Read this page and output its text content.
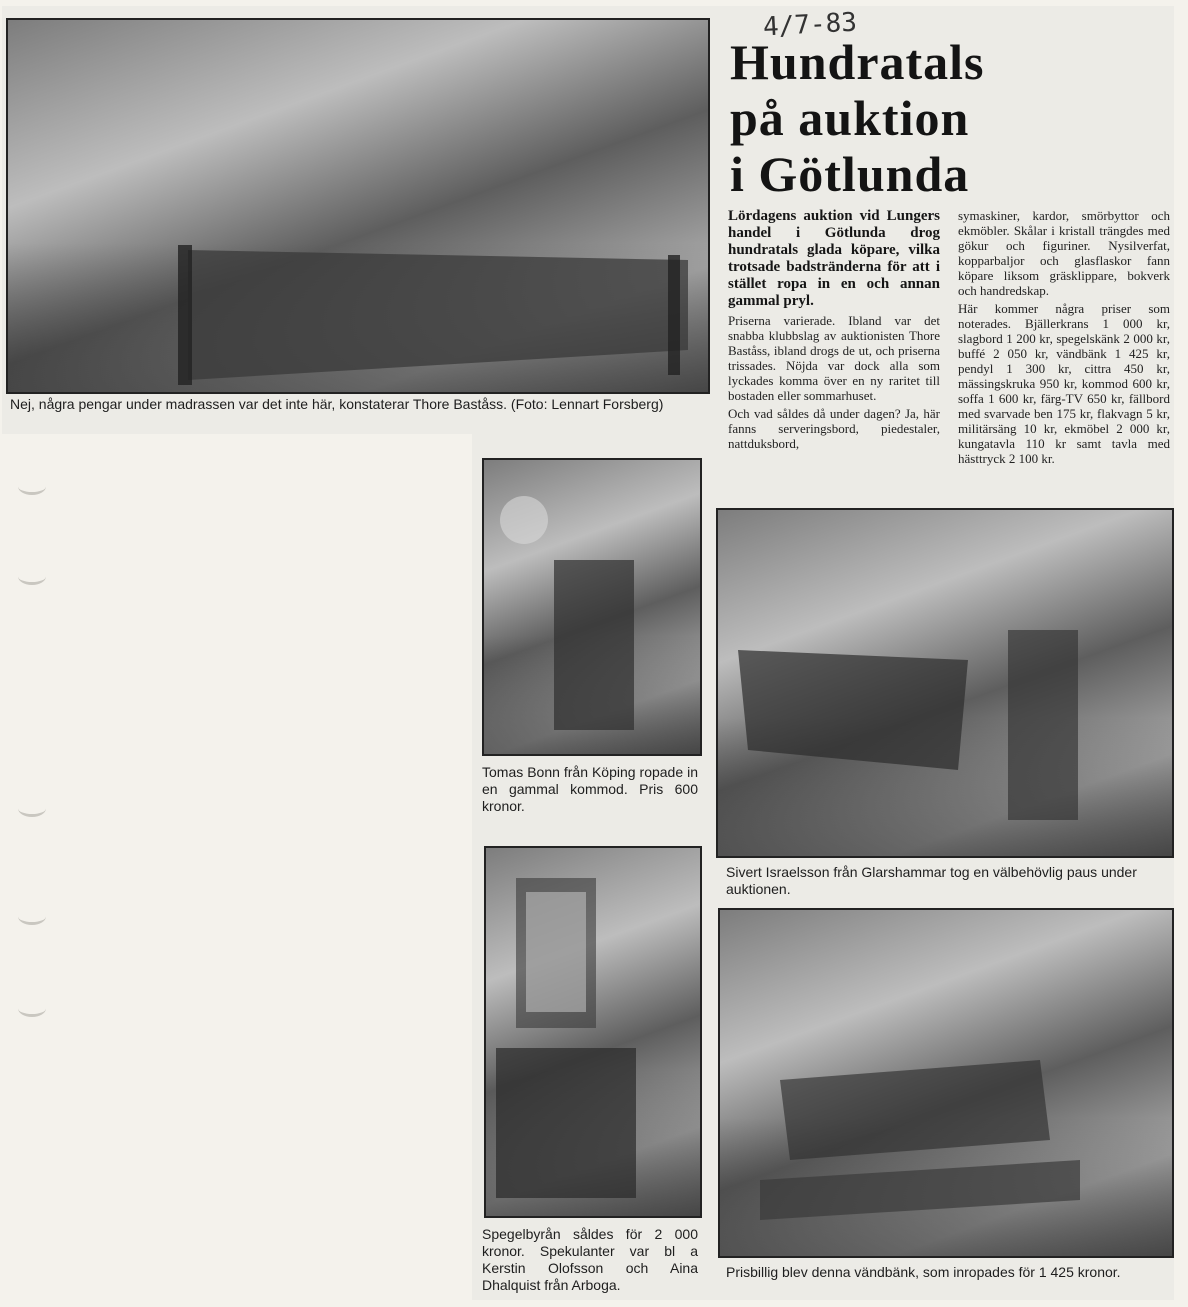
4/7-83
Nej, några pengar under madrassen var det inte här, konstaterar Thore Baståss. (Foto: Lennart Forsberg)
Hundratals
på auktion
i Götlunda

Lördagens auktion vid Lungers handel i Götlunda drog hundratals glada köpare, vilka trotsade badstränderna för att i stället ropa in en och annan gammal pryl.

Priserna varierade. Ibland var det snabba klubbslag av auktionisten Thore Baståss, ibland drogs de ut, och priserna trissades. Nöjda var dock alla som lyckades komma över en ny raritet till bostaden eller sommarhuset.

Och vad såldes då under dagen? Ja, här fanns serveringsbord, piedestaler, nattduksbord,

symaskiner, kardor, smörbyttor och ekmöbler. Skålar i kristall trängdes med gökur och figuriner. Nysilverfat, kopparbaljor och glasflaskor fann köpare liksom gräsklippare, bokverk och handredskap.

Här kommer några priser som noterades. Bjällerkrans 1 000 kr, slagbord 1 200 kr, spegelskänk 2 000 kr, buffé 2 050 kr, vändbänk 1 425 kr, pendyl 1 300 kr, cittra 450 kr, mässingskruka 950 kr, kommod 600 kr, soffa 1 600 kr, färg-TV 650 kr, fällbord med svarvade ben 175 kr, flakvagn 5 kr, militärsäng 10 kr, ekmöbel 2 000 kr, kungatavla 110 kr samt tavla med hästtryck 2 100 kr.

Tomas Bonn från Köping ropade in en gammal kommod. Pris 600 kronor.
Sivert Israelsson från Glarshammar tog en välbehövlig paus under auktionen.
Spegelbyrån såldes för 2 000 kronor. Spekulanter var bl a Kerstin Olofsson och Aina Dhalquist från Arboga.
Prisbillig blev denna vändbänk, som inropades för 1 425 kronor.
